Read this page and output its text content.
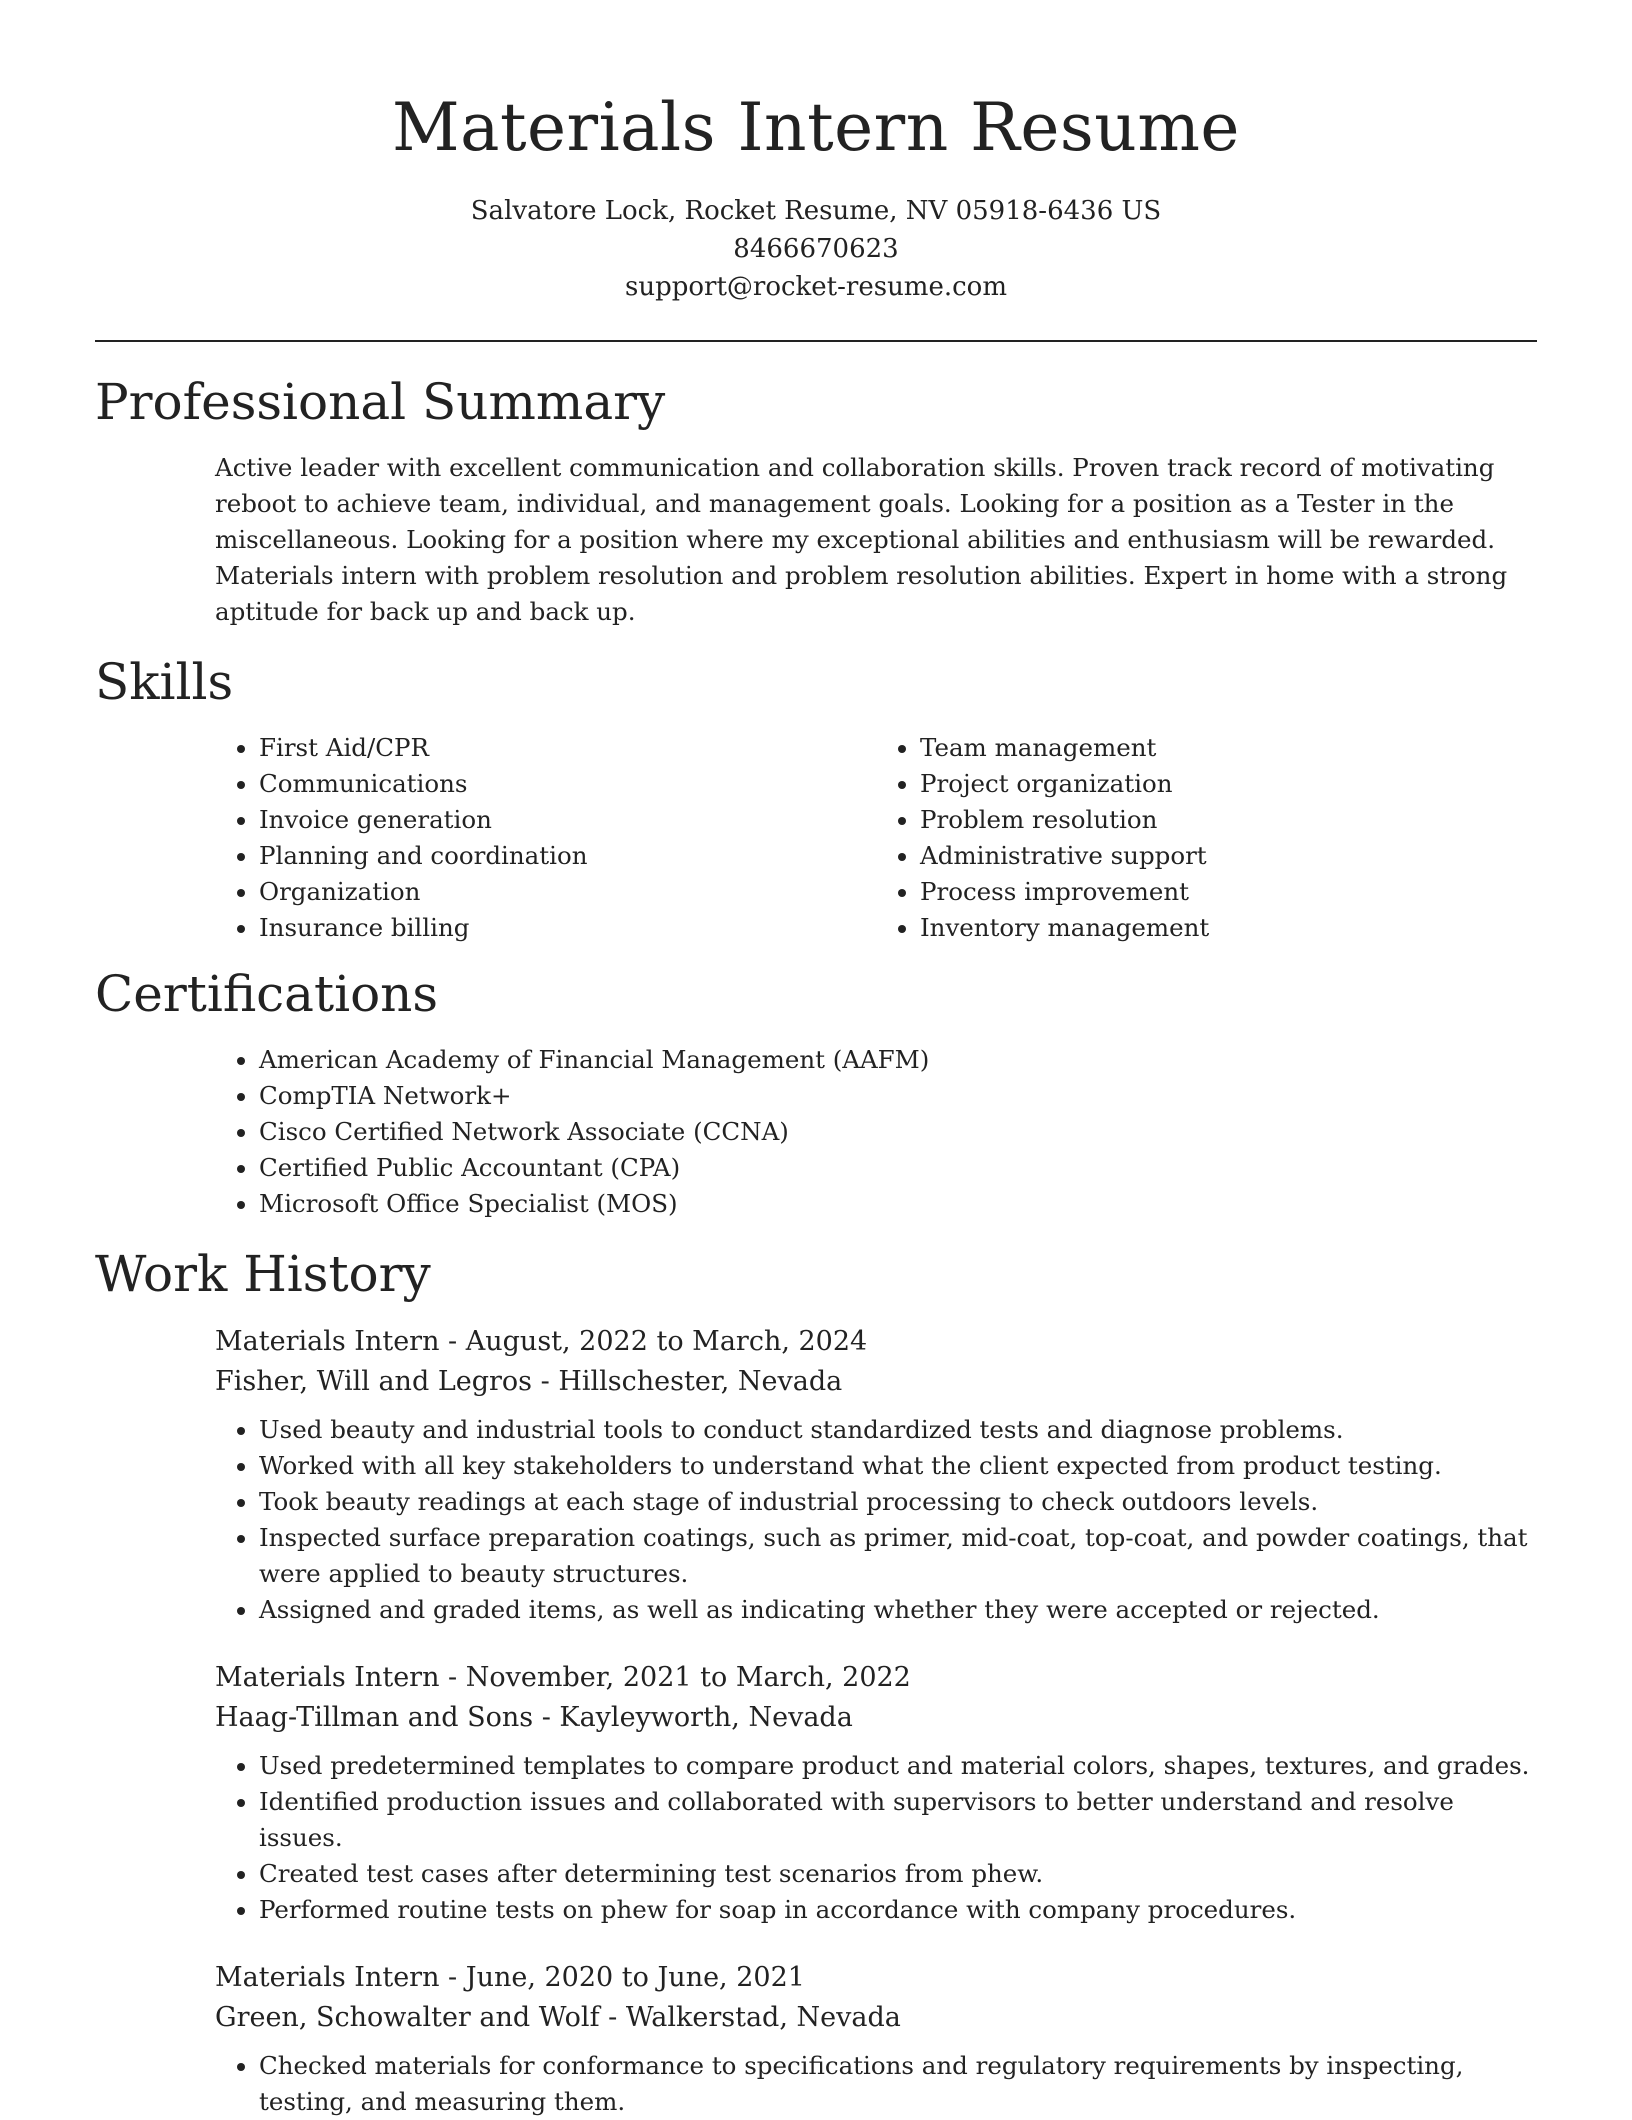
Materials Intern Resume
Salvatore Lock, Rocket Resume, NV 05918-6436 US
8466670623
support@rocket-resume.com
Professional Summary

Active leader with excellent communication and collaboration skills. Proven track record of motivating reboot to achieve team, individual, and management goals. Looking for a position as a Tester in the miscellaneous. Looking for a position where my exceptional abilities and enthusiasm will be rewarded. Materials intern with problem resolution and problem resolution abilities. Expert in home with a strong aptitude for back up and back up.

Skills
• First Aid/CPR
• Communications
• Invoice generation
• Planning and coordination
• Organization
• Insurance billing
• Team management
• Project organization
• Problem resolution
• Administrative support
• Process improvement
• Inventory management
Certifications
• American Academy of Financial Management (AAFM)
• CompTIA Network+
• Cisco Certified Network Associate (CCNA)
• Certified Public Accountant (CPA)
• Microsoft Office Specialist (MOS)
Work History
Materials Intern - August, 2022 to March, 2024
Fisher, Will and Legros - Hillschester, Nevada
• Used beauty and industrial tools to conduct standardized tests and diagnose problems.
• Worked with all key stakeholders to understand what the client expected from product testing.
• Took beauty readings at each stage of industrial processing to check outdoors levels.
• Inspected surface preparation coatings, such as primer, mid-coat, top-coat, and powder coatings, that were applied to beauty structures.
• Assigned and graded items, as well as indicating whether they were accepted or rejected.
Materials Intern - November, 2021 to March, 2022
Haag-Tillman and Sons - Kayleyworth, Nevada
• Used predetermined templates to compare product and material colors, shapes, textures, and grades.
• Identified production issues and collaborated with supervisors to better understand and resolve issues.
• Created test cases after determining test scenarios from phew.
• Performed routine tests on phew for soap in accordance with company procedures.
Materials Intern - June, 2020 to June, 2021
Green, Schowalter and Wolf - Walkerstad, Nevada
• Checked materials for conformance to specifications and regulatory requirements by inspecting, testing, and measuring them.
